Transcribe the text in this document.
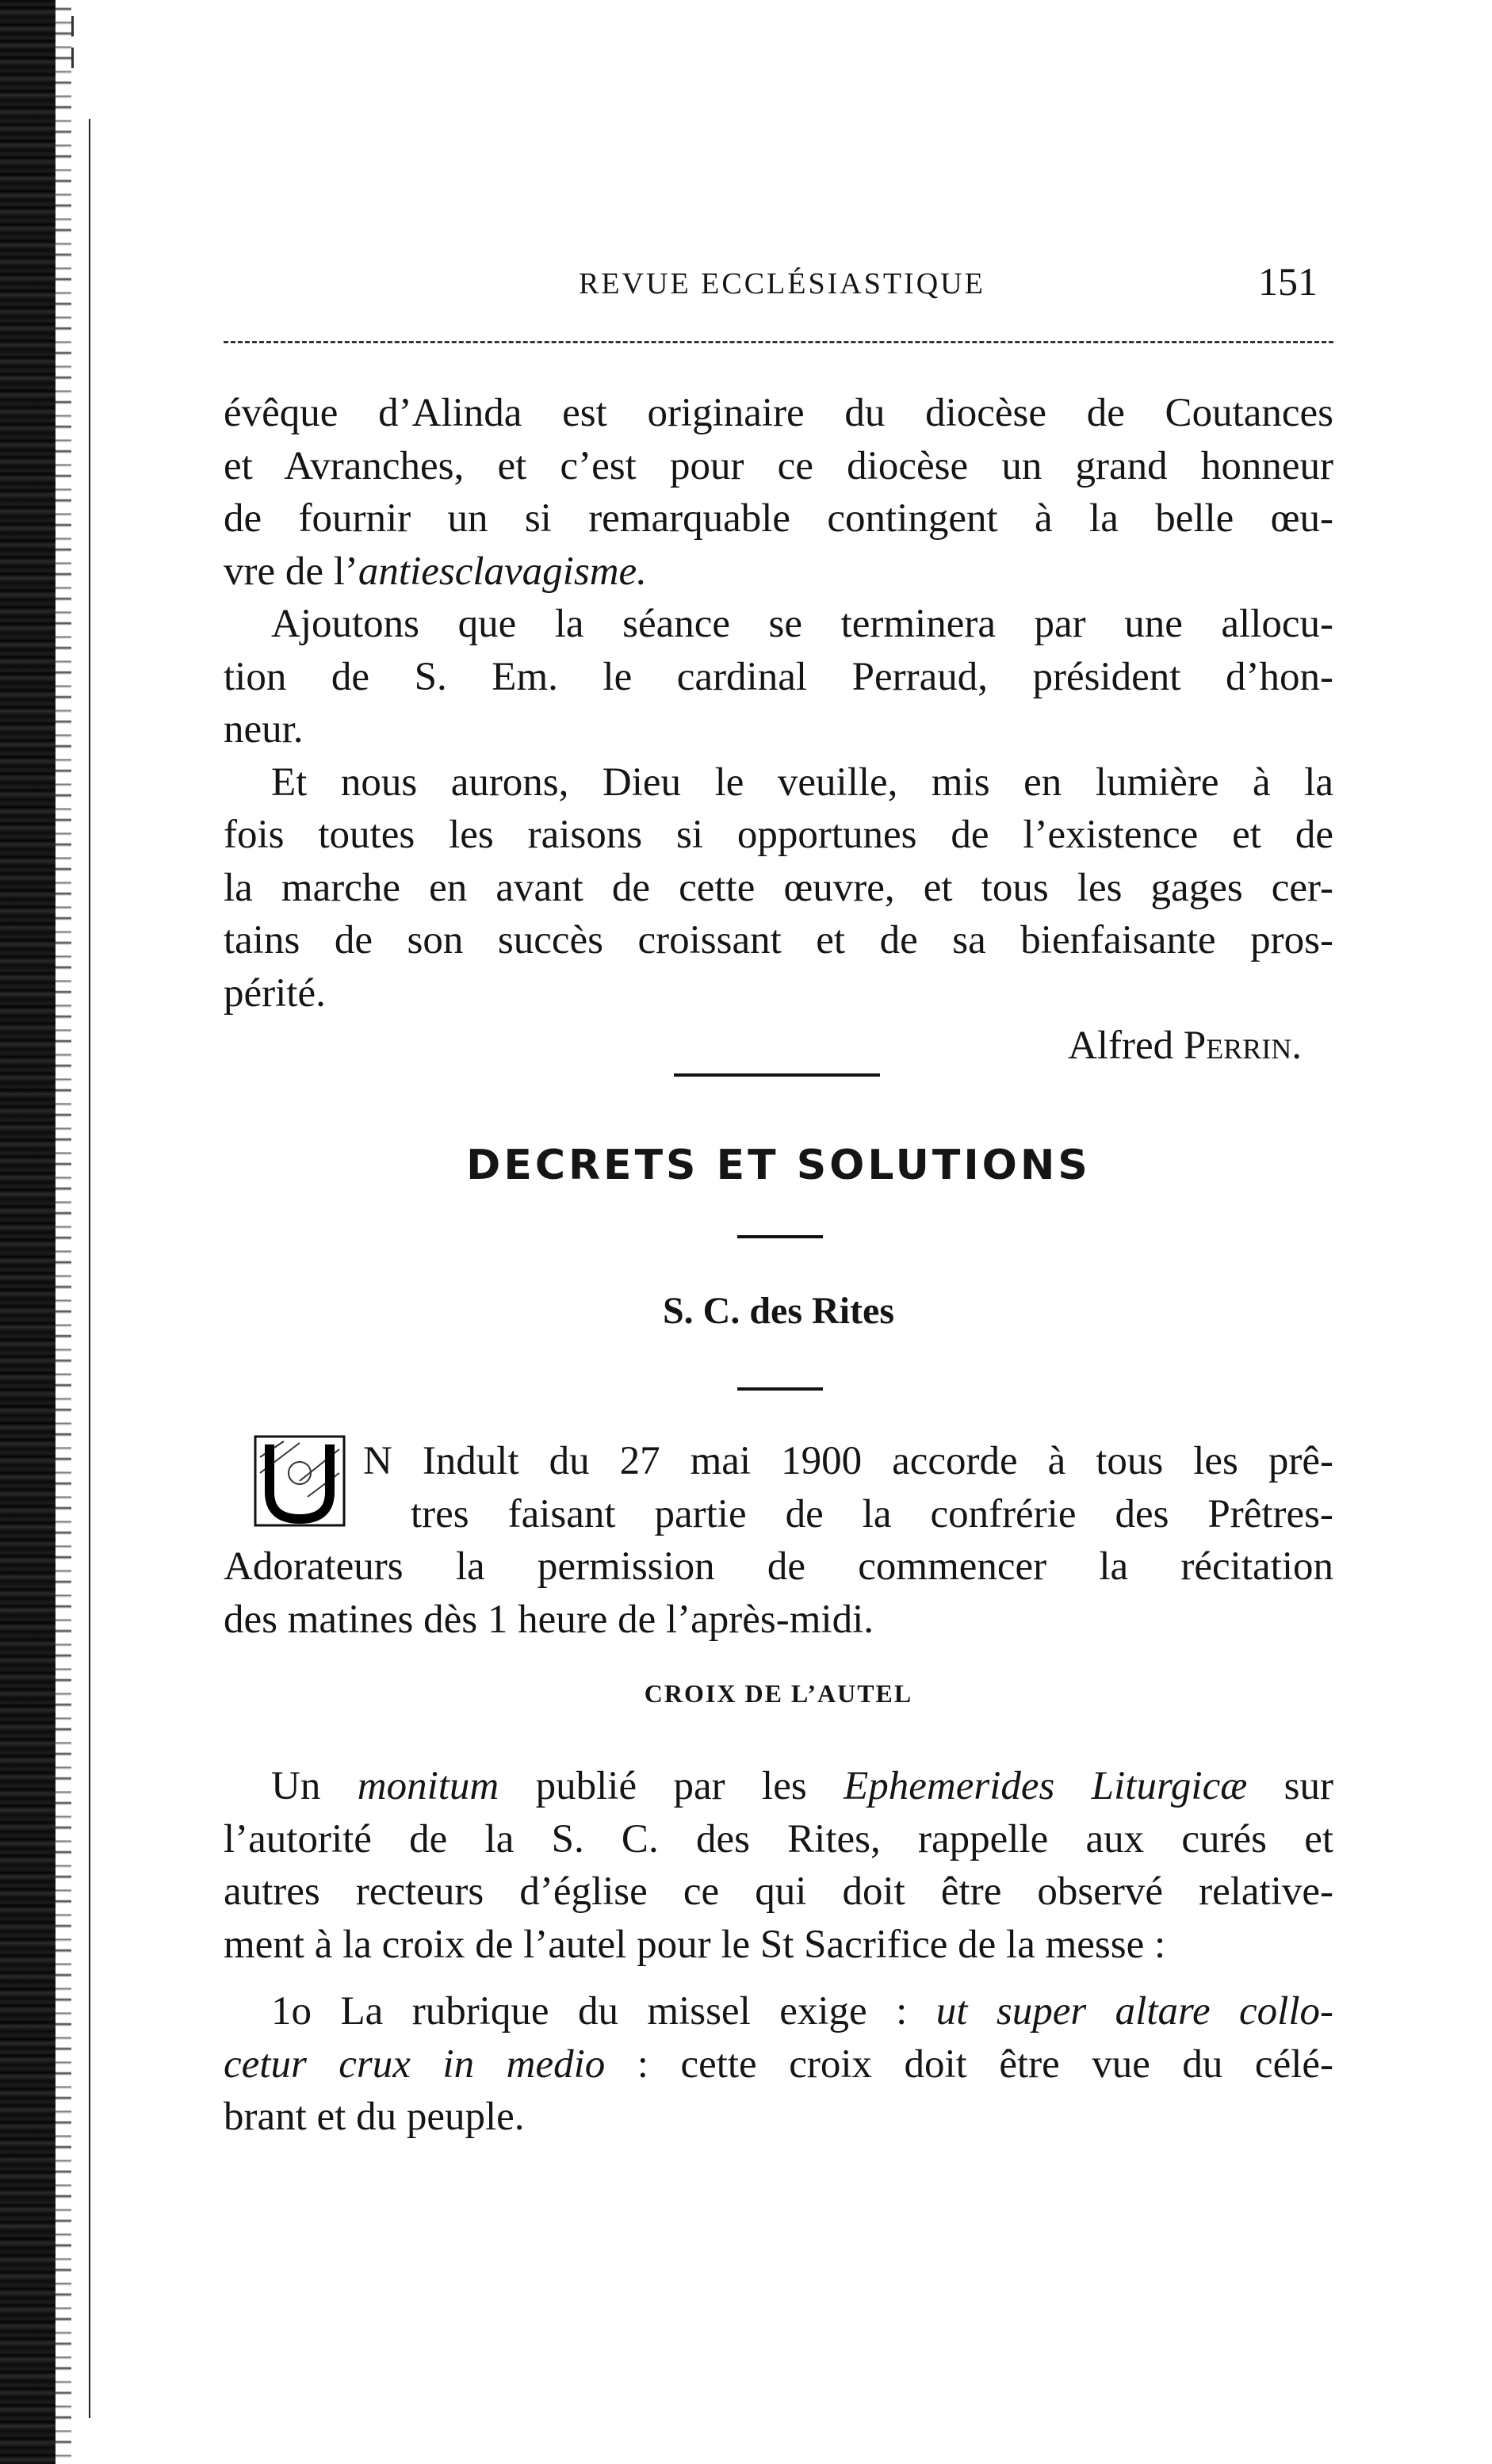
REVUE ECCLÉSIASTIQUE	151
évêque d’Alinda est originaire du diocèse de Coutances
et Avranches, et c’est pour ce diocèse un grand honneur
de fournir un si remarquable contingent à la belle œu-
vre de l’antiesclavagisme.
Ajoutons que la séance se terminera par une allocu-
tion de S. Em. le cardinal Perraud, président d’hon-
neur.
Et nous aurons, Dieu le veuille, mis en lumière à la
fois toutes les raisons si opportunes de l’existence et de
la marche en avant de cette œuvre, et tous les gages cer-
tains de son succès croissant et de sa bienfaisante pros-
périté.
Alfred Perrin.
DECRETS ET SOLUTIONS
S. C. des Rites
N Indult du 27 mai 1900 accorde à tous les prê-
tres faisant partie de la confrérie des Prêtres-
Adorateurs la permission de commencer la récitation
des matines dès 1 heure de l’après-midi.
CROIX DE L’AUTEL
Un monitum publié par les Ephemerides Liturgicæ sur
l’autorité de la S. C. des Rites, rappelle aux curés et
autres recteurs d’église ce qui doit être observé relative-
ment à la croix de l’autel pour le St Sacrifice de la messe :
1o La rubrique du missel exige : ut super altare collo-
cetur crux in medio : cette croix doit être vue du célé-
brant et du peuple.
